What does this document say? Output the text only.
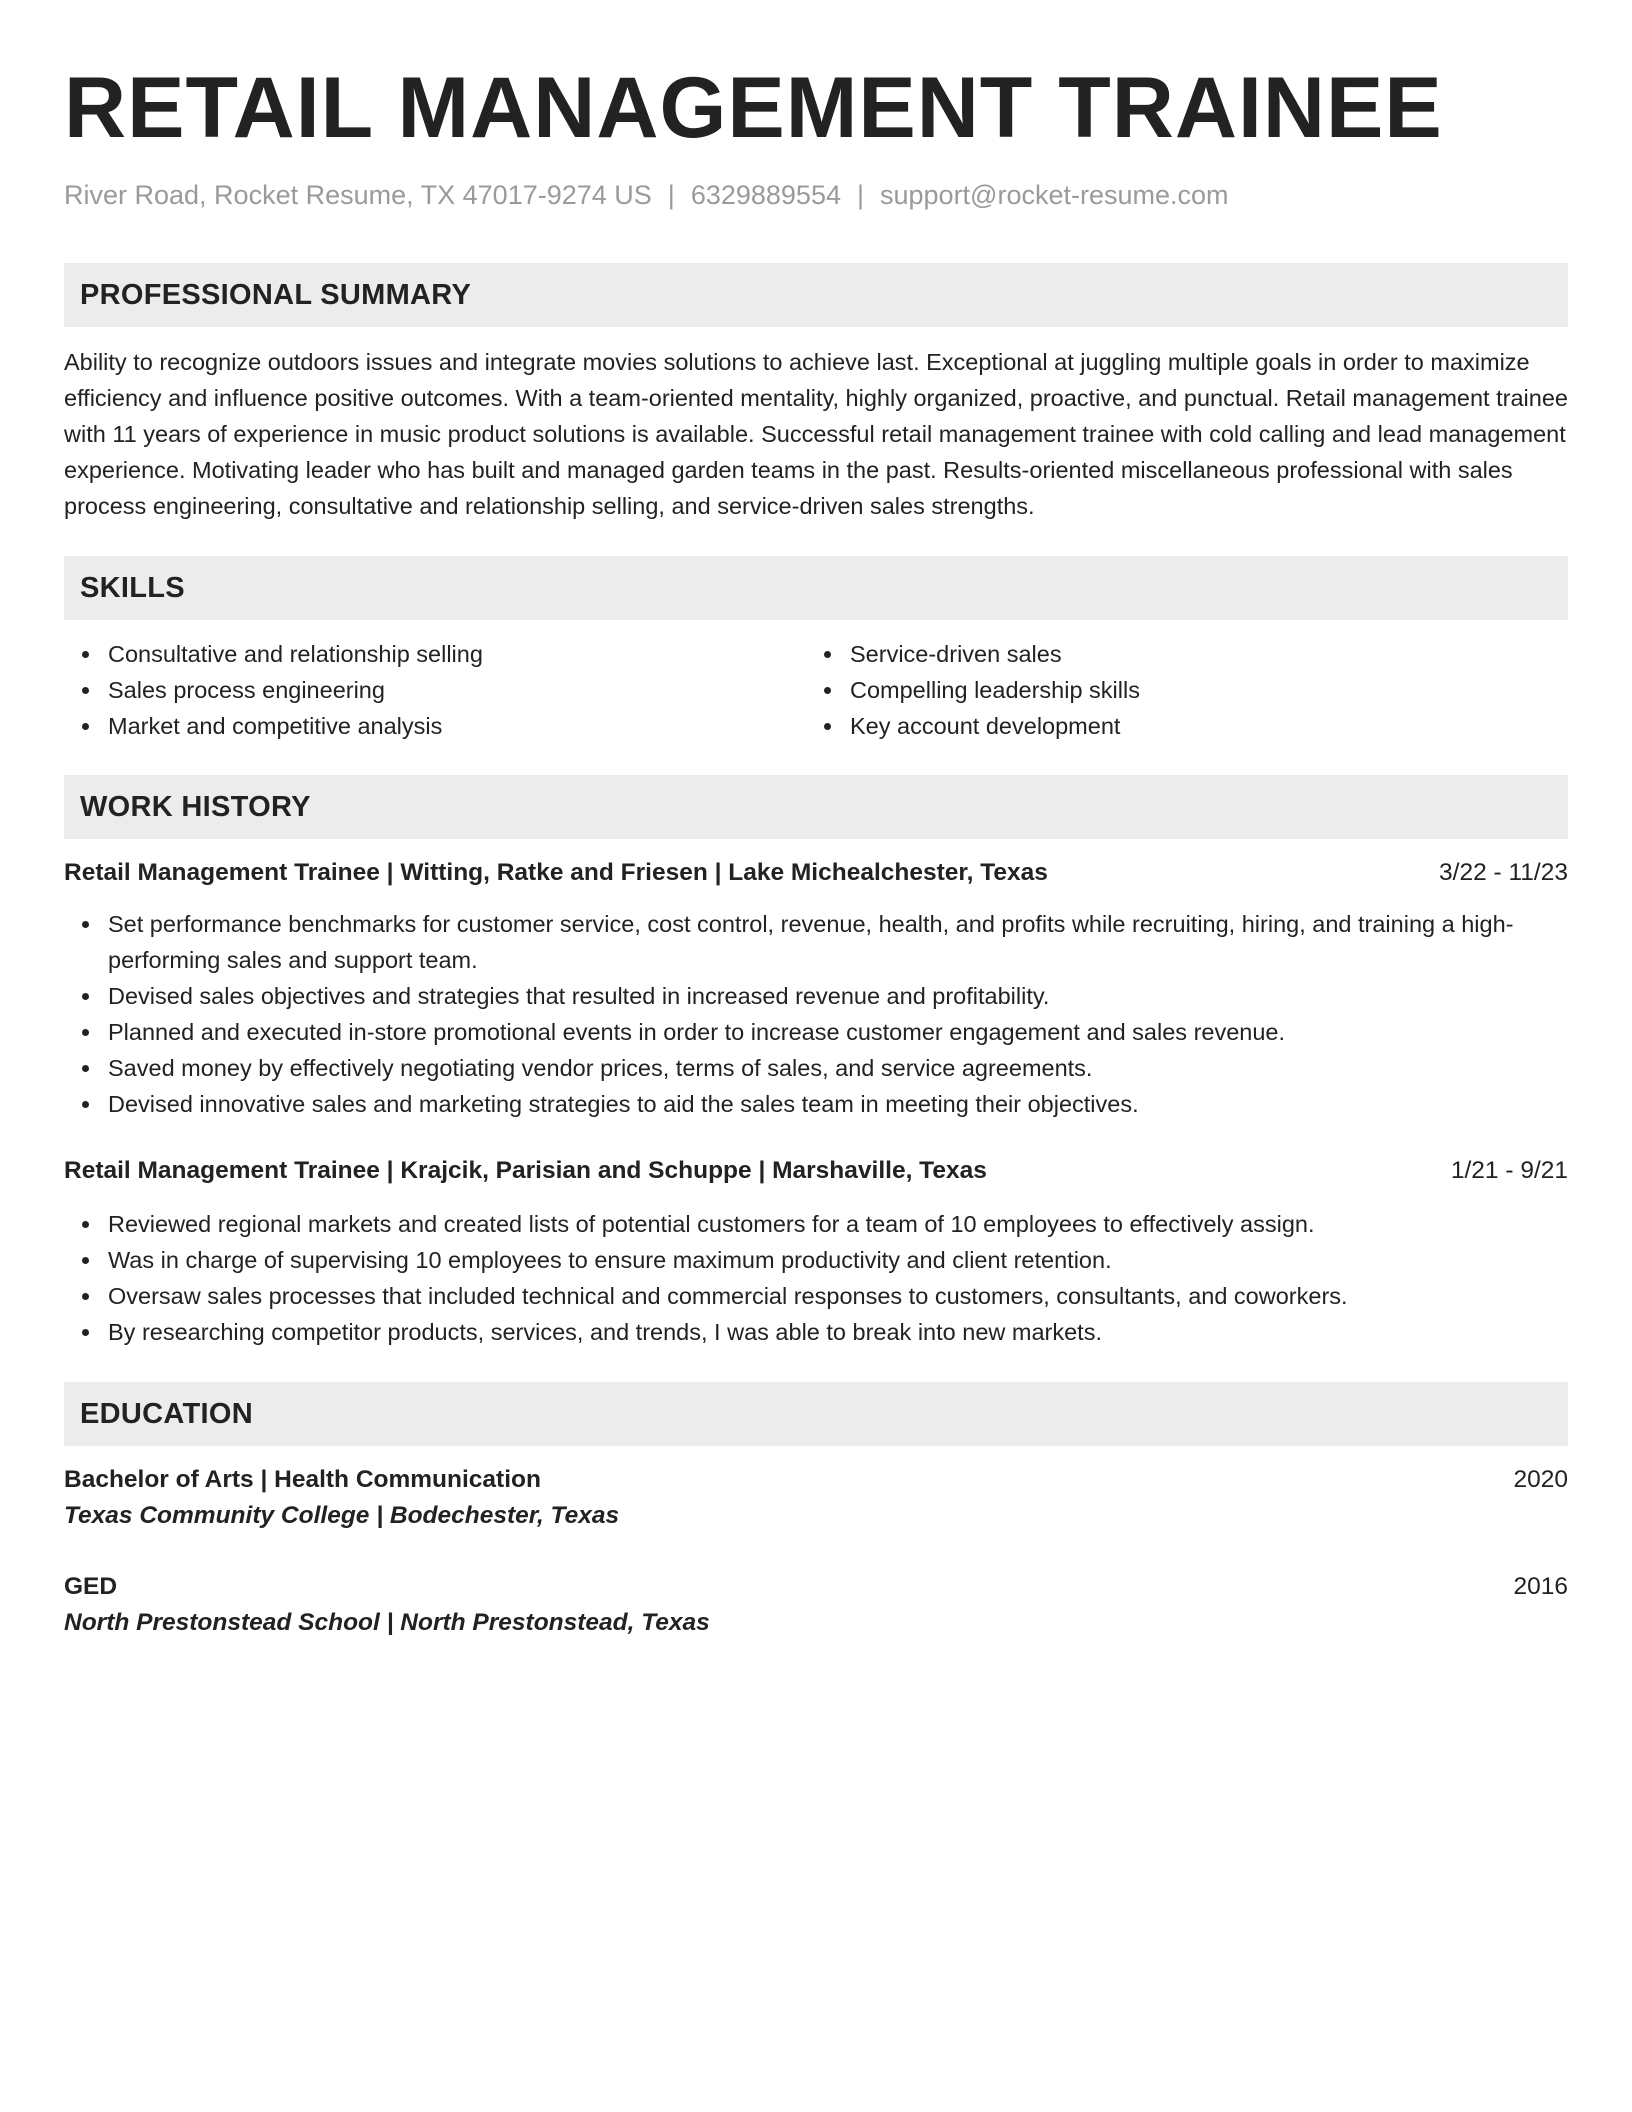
RETAIL MANAGEMENT TRAINEE
River Road, Rocket Resume, TX 47017-9274 US | 6329889554 | support@rocket-resume.com
PROFESSIONAL SUMMARY
Ability to recognize outdoors issues and integrate movies solutions to achieve last. Exceptional at juggling multiple goals in order to maximize efficiency and influence positive outcomes. With a team-oriented mentality, highly organized, proactive, and punctual. Retail management trainee with 11 years of experience in music product solutions is available. Successful retail management trainee with cold calling and lead management experience. Motivating leader who has built and managed garden teams in the past. Results-oriented miscellaneous professional with sales process engineering, consultative and relationship selling, and service-driven sales strengths.
SKILLS
Consultative and relationship selling
Sales process engineering
Market and competitive analysis
Service-driven sales
Compelling leadership skills
Key account development
WORK HISTORY
Retail Management Trainee | Witting, Ratke and Friesen | Lake Michealchester, Texas	3/22 - 11/23
Set performance benchmarks for customer service, cost control, revenue, health, and profits while recruiting, hiring, and training a high-performing sales and support team.
Devised sales objectives and strategies that resulted in increased revenue and profitability.
Planned and executed in-store promotional events in order to increase customer engagement and sales revenue.
Saved money by effectively negotiating vendor prices, terms of sales, and service agreements.
Devised innovative sales and marketing strategies to aid the sales team in meeting their objectives.
Retail Management Trainee | Krajcik, Parisian and Schuppe | Marshaville, Texas	1/21 - 9/21
Reviewed regional markets and created lists of potential customers for a team of 10 employees to effectively assign.
Was in charge of supervising 10 employees to ensure maximum productivity and client retention.
Oversaw sales processes that included technical and commercial responses to customers, consultants, and coworkers.
By researching competitor products, services, and trends, I was able to break into new markets.
EDUCATION
Bachelor of Arts | Health Communication	2020
Texas Community College | Bodechester, Texas
GED	2016
North Prestonstead School | North Prestonstead, Texas
